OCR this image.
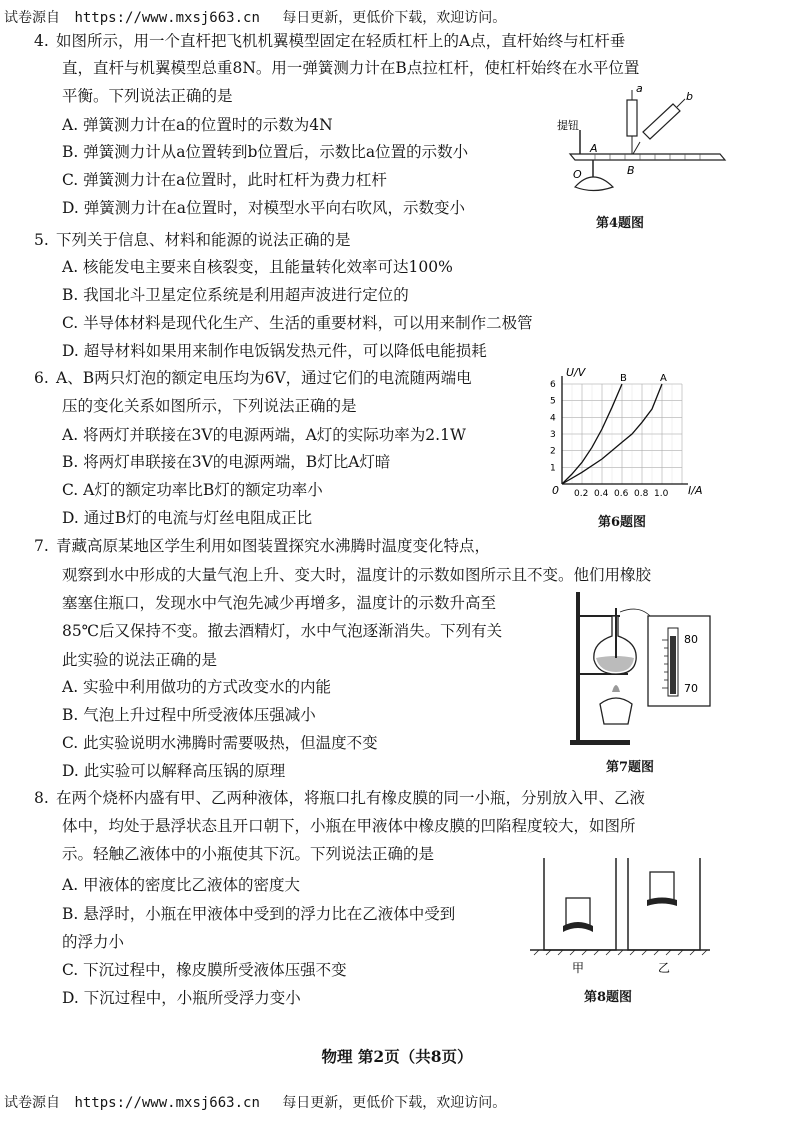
试卷源自 https://www.mxsj663.cn 每日更新，更低价下载，欢迎访问。
4. 如图所示，用一个直杆把飞机机翼模型固定在轻质杠杆上的A点，直杆始终与杠杆垂
直，直杆与机翼模型总重8N。用一弹簧测力计在B点拉杠杆，使杠杆始终在水平位置
平衡。下列说法正确的是
A. 弹簧测力计在a的位置时的示数为4N
B. 弹簧测力计从a位置转到b位置后，示数比a位置的示数小
C. 弹簧测力计在a位置时，此时杠杆为费力杠杆
D. 弹簧测力计在a位置时，对模型水平向右吹风，示数变小
提钮
A
B
O
a
b
第4题图
5. 下列关于信息、材料和能源的说法正确的是
A. 核能发电主要来自核裂变，且能量转化效率可达100%
B. 我国北斗卫星定位系统是利用超声波进行定位的
C. 半导体材料是现代化生产、生活的重要材料，可以用来制作二极管
D. 超导材料如果用来制作电饭锅发热元件，可以降低电能损耗
6. A、B两只灯泡的额定电压均为6V，通过它们的电流随两端电
压的变化关系如图所示，下列说法正确的是
A. 将两灯并联接在3V的电源两端，A灯的实际功率为2.1W
B. 将两灯串联接在3V的电源两端，B灯比A灯暗
C. A灯的额定功率比B灯的额定功率小
D. 通过B灯的电流与灯丝电阻成正比
U/V
I/A
0 0.2 0.4 0.6 0.8 1.0
1
2
3
4
5
6
B	A
第6题图
7. 青藏高原某地区学生利用如图装置探究水沸腾时温度变化特点，
观察到水中形成的大量气泡上升、变大时，温度计的示数如图所示且不变。他们用橡胶
塞塞住瓶口，发现水中气泡先减少再增多，温度计的示数升高至
85℃后又保持不变。撤去酒精灯，水中气泡逐渐消失。下列有关
此实验的说法正确的是
A. 实验中利用做功的方式改变水的内能
B. 气泡上升过程中所受液体压强减小
C. 此实验说明水沸腾时需要吸热，但温度不变
D. 此实验可以解释高压锅的原理
80
70
第7题图
8. 在两个烧杯内盛有甲、乙两种液体，将瓶口扎有橡皮膜的同一小瓶，分别放入甲、乙液
体中，均处于悬浮状态且开口朝下，小瓶在甲液体中橡皮膜的凹陷程度较大，如图所
示。轻触乙液体中的小瓶使其下沉。下列说法正确的是
A. 甲液体的密度比乙液体的密度大
B. 悬浮时，小瓶在甲液体中受到的浮力比在乙液体中受到
的浮力小
C. 下沉过程中，橡皮膜所受液体压强不变
D. 下沉过程中，小瓶所受浮力变小
甲	乙
第8题图
物理 第2页（共8页）
试卷源自 https://www.mxsj663.cn 每日更新，更低价下载，欢迎访问。
